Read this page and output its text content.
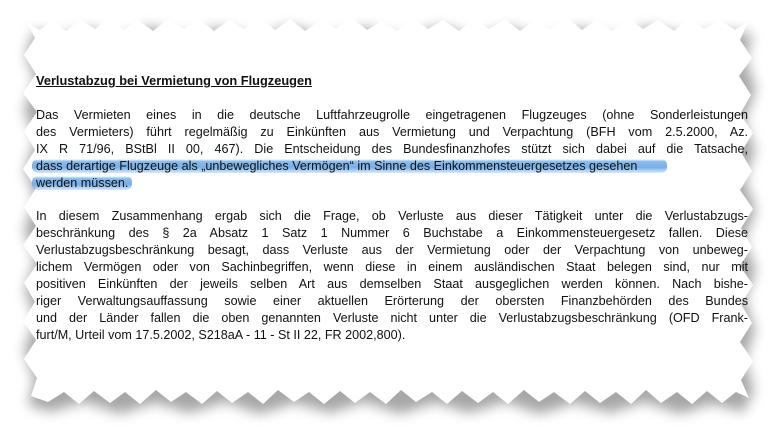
Verlustabzug bei Vermietung von Flugzeugen

Das Vermieten eines in die deutsche Luftfahrzeugrolle eingetragenen Flugzeuges (ohne Sonderleistungen
des Vermieters) führt regelmäßig zu Einkünften aus Vermietung und Verpachtung (BFH vom 2.5.2000, Az.
IX R 71/96, BStBl II 00, 467). Die Entscheidung des Bundesfinanzhofes stützt sich dabei auf die Tatsache,
dass derartige Flugzeuge als „unbewegliches Vermögen“ im Sinne des Einkommensteuergesetzes gesehen
werden müssen.

In diesem Zusammenhang ergab sich die Frage, ob Verluste aus dieser Tätigkeit unter die Verlustabzugs-
beschränkung des § 2a Absatz 1 Satz 1 Nummer 6 Buchstabe a Einkommensteuergesetz fallen. Diese
Verlustabzugsbeschränkung besagt, dass Verluste aus der Vermietung oder der Verpachtung von unbeweg-
lichem Vermögen oder von Sachinbegriffen, wenn diese in einem ausländischen Staat belegen sind, nur mit
positiven Einkünften der jeweils selben Art aus demselben Staat ausgeglichen werden können. Nach bishe-
riger Verwaltungsauffassung sowie einer aktuellen Erörterung der obersten Finanzbehörden des Bundes
und der Länder fallen die oben genannten Verluste nicht unter die Verlustabzugsbeschränkung (OFD Frank-
furt/M, Urteil vom 17.5.2002, S218aA - 11 - St II 22, FR 2002,800).
